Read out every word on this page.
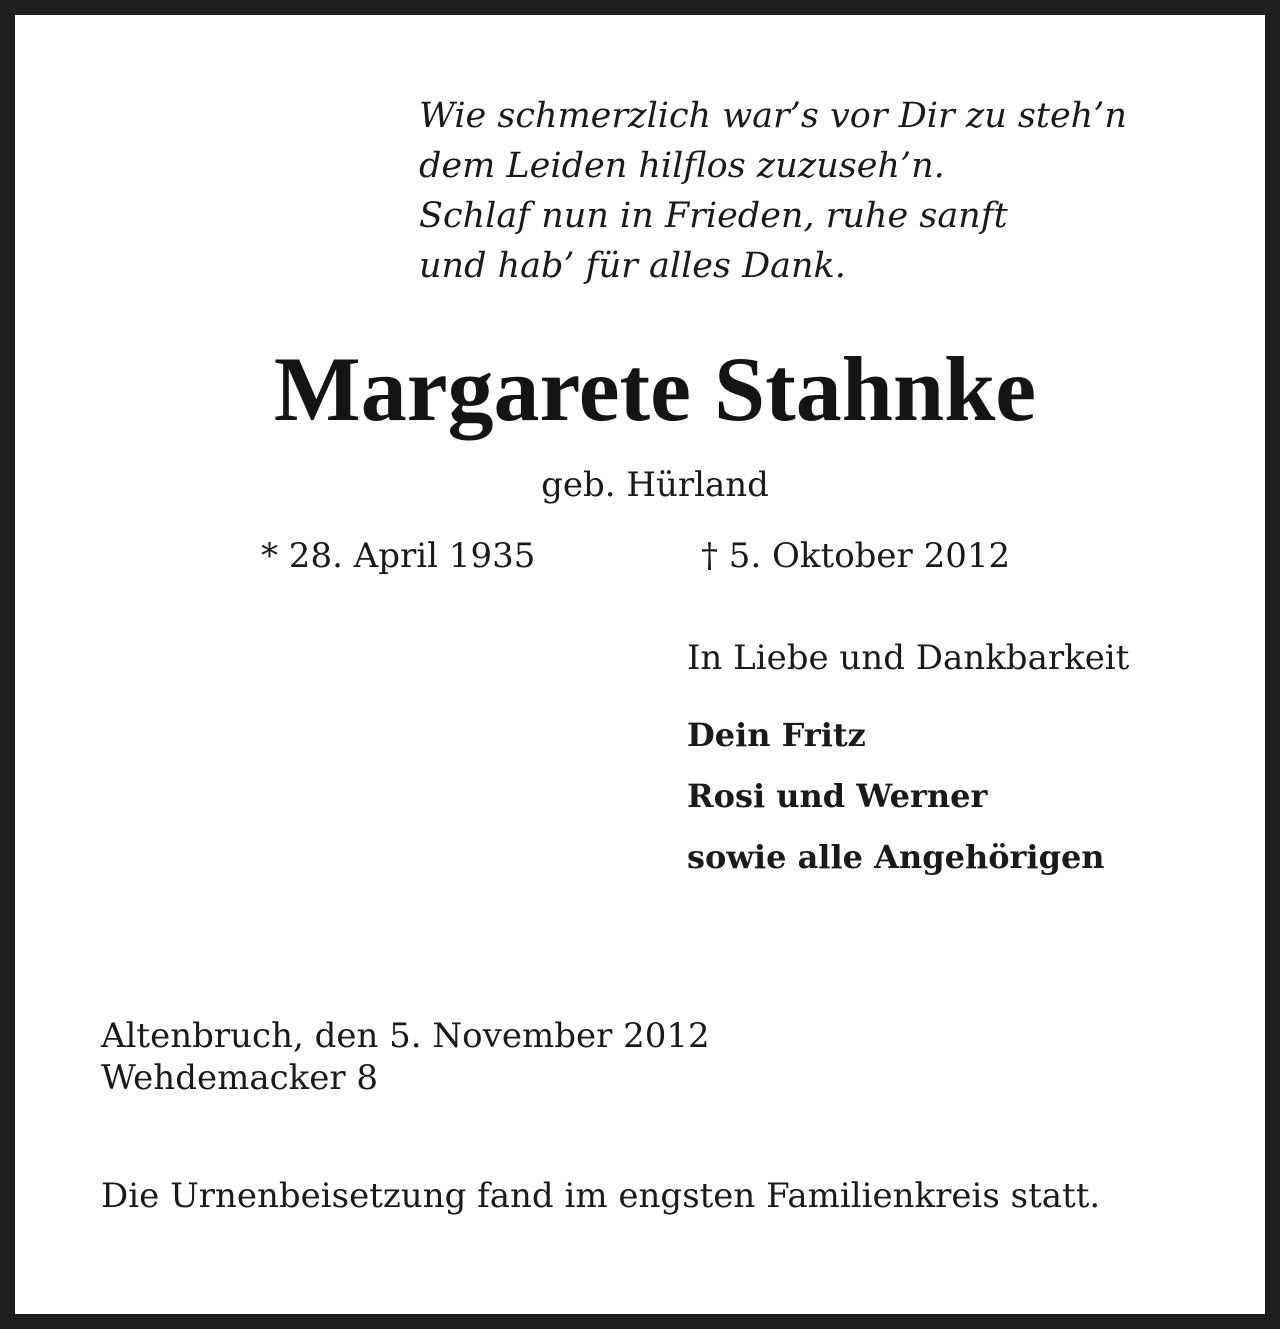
Wie schmerzlich war’s vor Dir zu steh’n
dem Leiden hilflos zuzuseh’n.
Schlaf nun in Frieden, ruhe sanft
und hab’ für alles Dank.
Margarete Stahnke
geb. Hürland
* 28. April 1935	† 5. Oktober 2012
In Liebe und Dankbarkeit
Dein Fritz
Rosi und Werner
sowie alle Angehörigen
Altenbruch, den 5. November 2012
Wehdemacker 8
Die Urnenbeisetzung fand im engsten Familienkreis statt.
